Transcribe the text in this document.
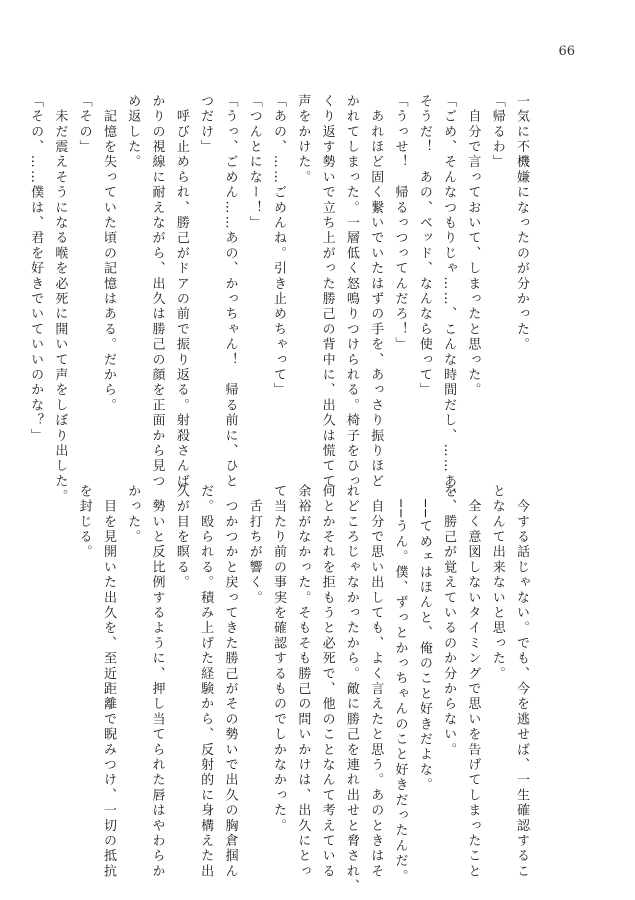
66
一気に不機嫌になったのが分かった。
「帰るわ」
　自分で言っておいて、しまったと思った。
「ごめ、そんなつもりじゃ……、こんな時間だし、……あ、
そうだ！　あの、ベッド、なんなら使って」
「うっせ！　帰るっつってんだろ！」
　あれほど固く繋いでいたはずの手を、あっさり振りほど
かれてしまった。一層低く怒鳴りつけられる。椅子をひっ
くり返す勢いで立ち上がった勝己の背中に、出久は慌てて
声をかけた。
「あの、……ごめんね。引き止めちゃって」
「つんとになー！」
「うっ、ごめん……あの、かっちゃん！　帰る前に、ひと
つだけ」
　呼び止められ、勝己がドアの前で振り返る。射殺さんば
かりの視線に耐えながら、出久は勝己の顔を正面から見つ
め返した。
　記憶を失っていた頃の記憶はある。だから。
「その」
　未だ震えそうになる喉を必死に開いて声をしぼり出した。
「その、……僕は、君を好きでいていいのかな？」
　今する話じゃない。でも、今を逃せば、一生確認するこ
となんて出来ないと思った。
　全く意図しないタイミングで思いを告げてしまったこと
を、勝己が覚えているのか分からない。
　──てめェはほんと、俺のこと好きだよな。
　──うん。僕、ずっとかっちゃんのこと好きだったんだ。
　自分で思い出しても、よく言えたと思う。あのときはそ
れどころじゃなかったから。敵に勝己を連れ出せと脅され、
何とかそれを拒もうと必死で、他のことなんて考えている
余裕がなかった。そもそも勝己の問いかけは、出久にとっ
て当たり前の事実を確認するものでしかなかった。
　舌打ちが響く。
　つかつかと戻ってきた勝己がその勢いで出久の胸倉掴ん
だ。殴られる。積み上げた経験から、反射的に身構えた出
久が目を瞑る。
　勢いと反比例するように、押し当てられた唇はやわらか
かった。
　目を見開いた出久を、至近距離で睨みつけ、一切の抵抗
を封じる。
